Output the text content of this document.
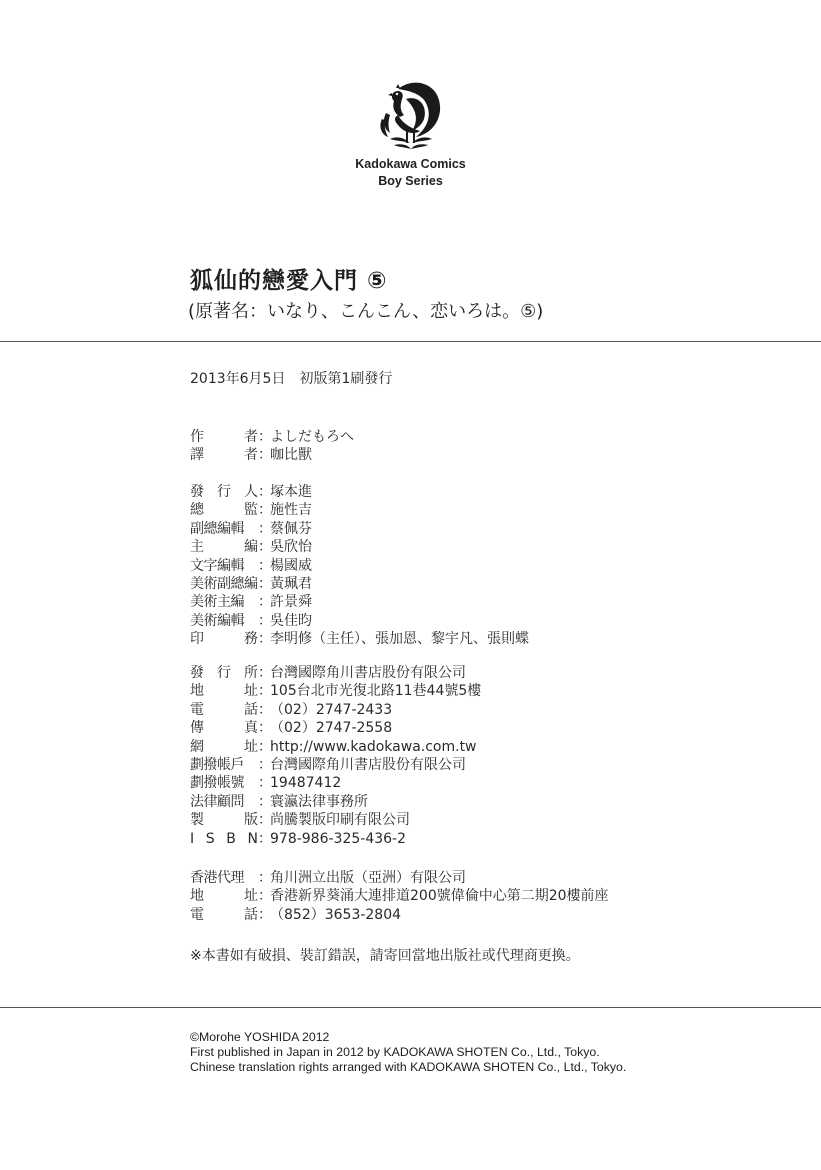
Kadokawa Comics
Boy Series
狐仙的戀愛入門 ⑤
(原著名：いなり、こんこん、恋いろは。⑤)
2013年6月5日　初版第1刷發行
作	者 ：
よしだもろへ
譯	者 ：
咖比獸
發 行 人 ：
塚本進
總	監 ：
施性吉
副總編輯 ：
蔡佩芬
主	編 ：
吳欣怡
文字編輯 ：
楊國威
美術副總編 ：
黃珮君
美術主編 ：
許景舜
美術編輯 ：
吳佳昀
印	務 ：
李明修（主任）、張加恩、黎宇凡、張則蝶
發 行 所 ：
台灣國際角川書店股份有限公司
地	址 ：
105台北市光復北路11巷44號5樓
電	話 ：
（02）2747-2433
傳	真 ：
（02）2747-2558
網	址 ：
http://www.kadokawa.com.tw
劃撥帳戶 ：
台灣國際角川書店股份有限公司
劃撥帳號 ：
19487412
法律顧問 ：
寰瀛法律事務所
製	版 ：
尚騰製版印刷有限公司
I S B N ：
978-986-325-436-2
香港代理 ：
角川洲立出版（亞洲）有限公司
地	址 ：
香港新界葵涌大連排道200號偉倫中心第二期20樓前座
電	話 ：
（852）3653-2804
※本書如有破損、裝訂錯誤，請寄回當地出版社或代理商更換。
©Morohe YOSHIDA 2012
First published in Japan in 2012 by KADOKAWA SHOTEN Co., Ltd., Tokyo.
Chinese translation rights arranged with KADOKAWA SHOTEN Co., Ltd., Tokyo.
